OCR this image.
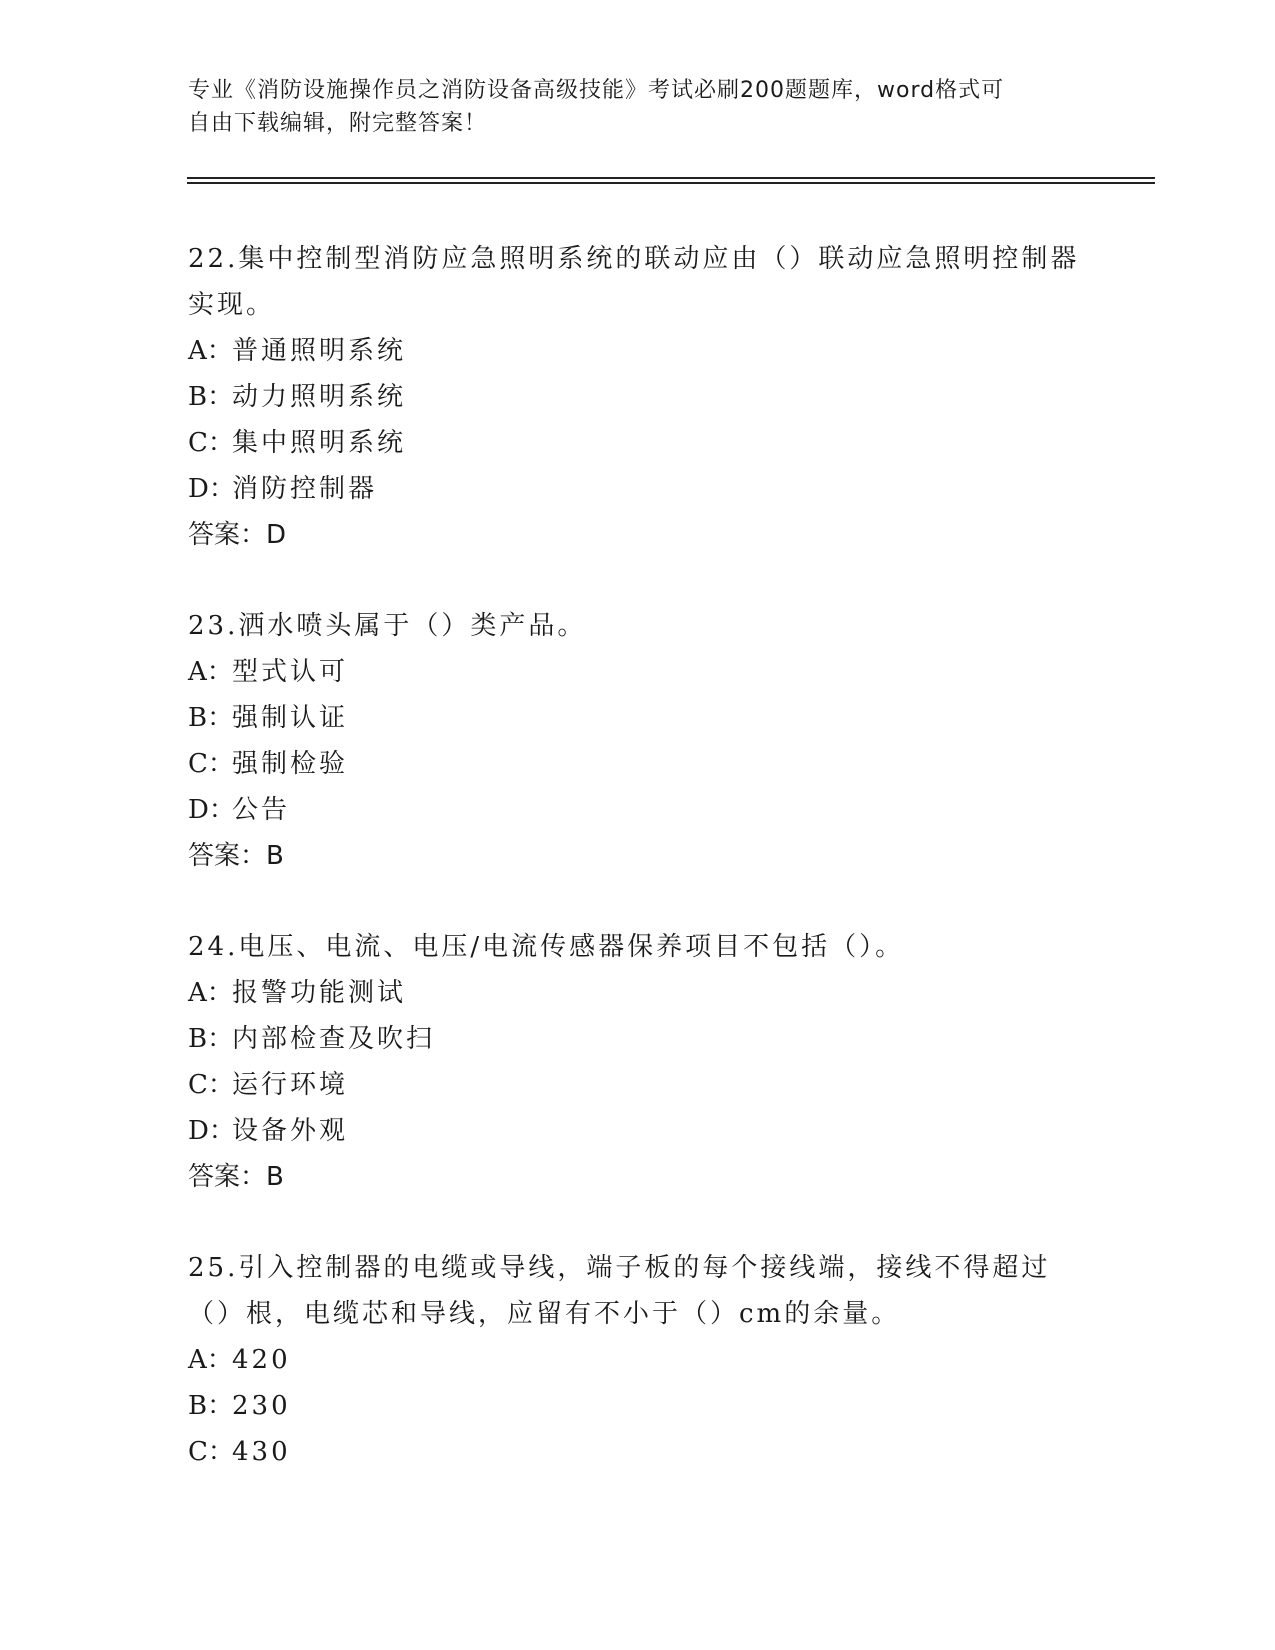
专业《消防设施操作员之消防设备高级技能》考试必刷200题题库，word格式可
自由下载编辑，附完整答案！
22.集中控制型消防应急照明系统的联动应由（）联动应急照明控制器实现。
A：普通照明系统
B：动力照明系统
C：集中照明系统
D：消防控制器
答案：D
23.洒水喷头属于（）类产品。
A：型式认可
B：强制认证
C：强制检验
D：公告
答案：B
24.电压、电流、电压/电流传感器保养项目不包括（）。
A：报警功能测试
B：内部检查及吹扫
C：运行环境
D：设备外观
答案：B
25.引入控制器的电缆或导线，端子板的每个接线端，接线不得超过（）根，电缆芯和导线，应留有不小于（）cm的余量。
A：420
B：230
C：430
